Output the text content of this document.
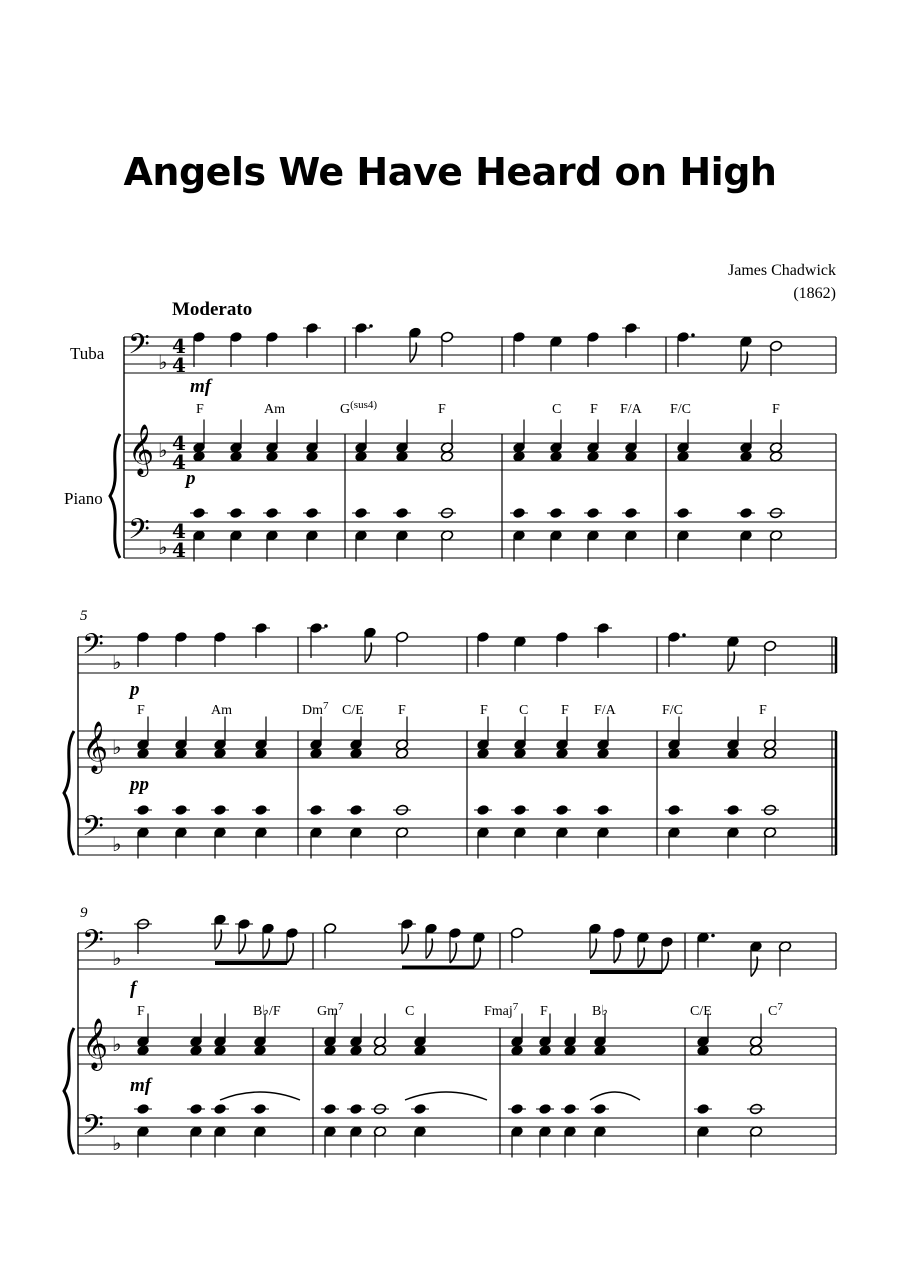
Angels We Have Heard on High
James Chadwick
(1862)
Moderato
Tuba
Piano
5
9
𝄢 ♭
𝄞 ♭
𝄢 ♭
4
4
4
4
4
4
mf
p
F	Am	$G^{(sus4)}$	F	C F F/A F/C	F
𝄢 ♭
𝄞 ♭
𝄢 ♭
p
pp
F	Am	Dm$^7$ C/E F	F C F F/A	F/C	F
𝄢 ♭
𝄞 ♭
𝄢 ♭
f
mf
F	B♭/F	Gm$^7$	C	Fmaj$^7$ F	B♭	C/E	$C^7$
